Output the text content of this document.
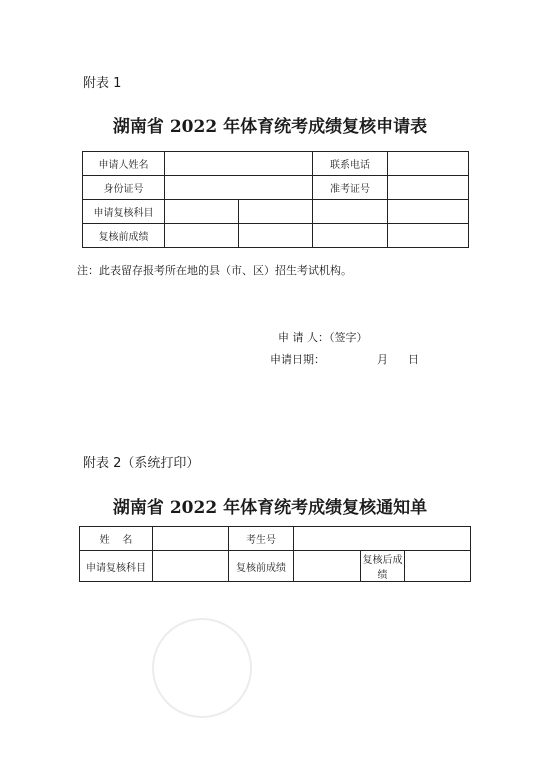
附表 1
湖南省 2022 年体育统考成绩复核申请表
申请人姓名			联系电话	
身份证号			准考证号	
申请复核科目				
复核前成绩				
注：此表留存报考所在地的县（市、区）招生考试机构。
申 请 人：（签字）
申请日期：	月 日
附表 2（系统打印）
湖南省 2022 年体育统考成绩复核通知单
姓    名		考生号			
申请复核科目		复核前成绩		复核后成绩	
